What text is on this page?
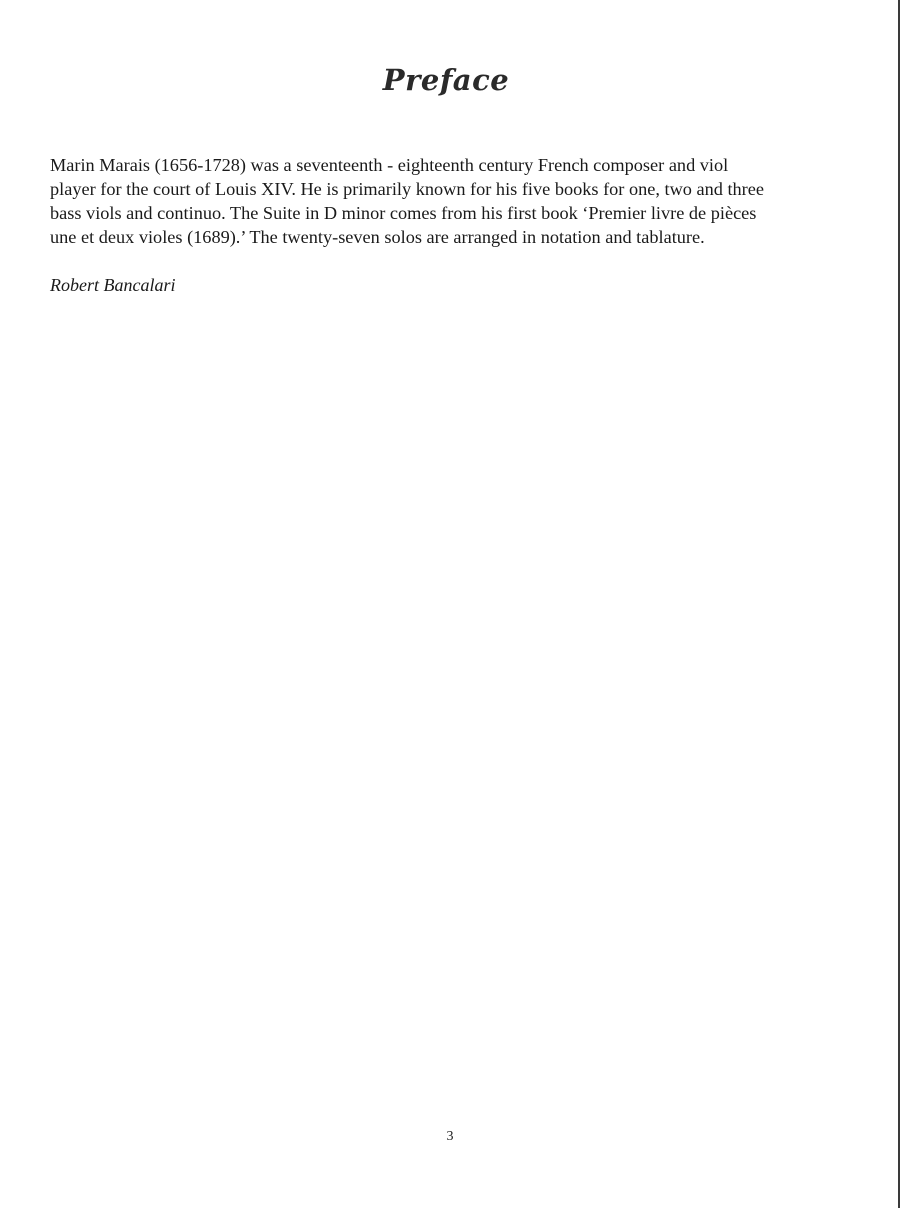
Preface

Marin Marais (1656-1728) was a seventeenth - eighteenth century French composer and viol
player for the court of Louis XIV. He is primarily known for his five books for one, two and three
bass viols and continuo. The Suite in D minor comes from his first book ‘Premier livre de pièces
une et deux violes (1689).’ The twenty-seven solos are arranged in notation and tablature.

Robert Bancalari

3
